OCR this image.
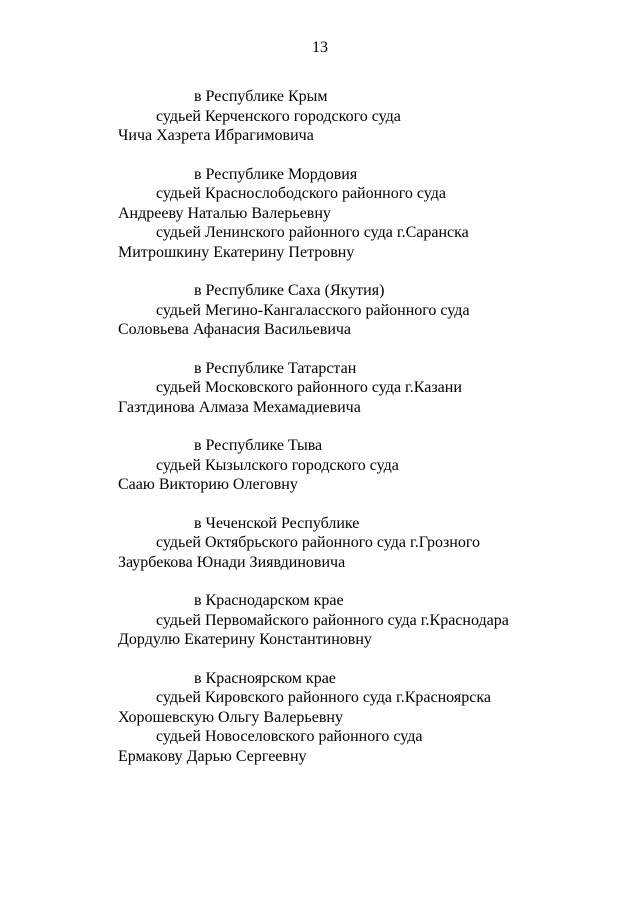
13
в Республике Крым
судьей Керченского городского суда
Чича Хазрета Ибрагимовича
в Республике Мордовия
судьей Краснослободского районного суда
Андрееву Наталью Валерьевну
судьей Ленинского районного суда г.Саранска
Митрошкину Екатерину Петровну
в Республике Саха (Якутия)
судьей Мегино-Кангаласского районного суда
Соловьева Афанасия Васильевича
в Республике Татарстан
судьей Московского районного суда г.Казани
Газтдинова Алмаза Мехамадиевича
в Республике Тыва
судьей Кызылского городского суда
Сааю Викторию Олеговну
в Чеченской Республике
судьей Октябрьского районного суда г.Грозного
Заурбекова Юнади Зиявдиновича
в Краснодарском крае
судьей Первомайского районного суда г.Краснодара
Дордулю Екатерину Константиновну
в Красноярском крае
судьей Кировского районного суда г.Красноярска
Хорошевскую Ольгу Валерьевну
судьей Новоселовского районного суда
Ермакову Дарью Сергеевну
